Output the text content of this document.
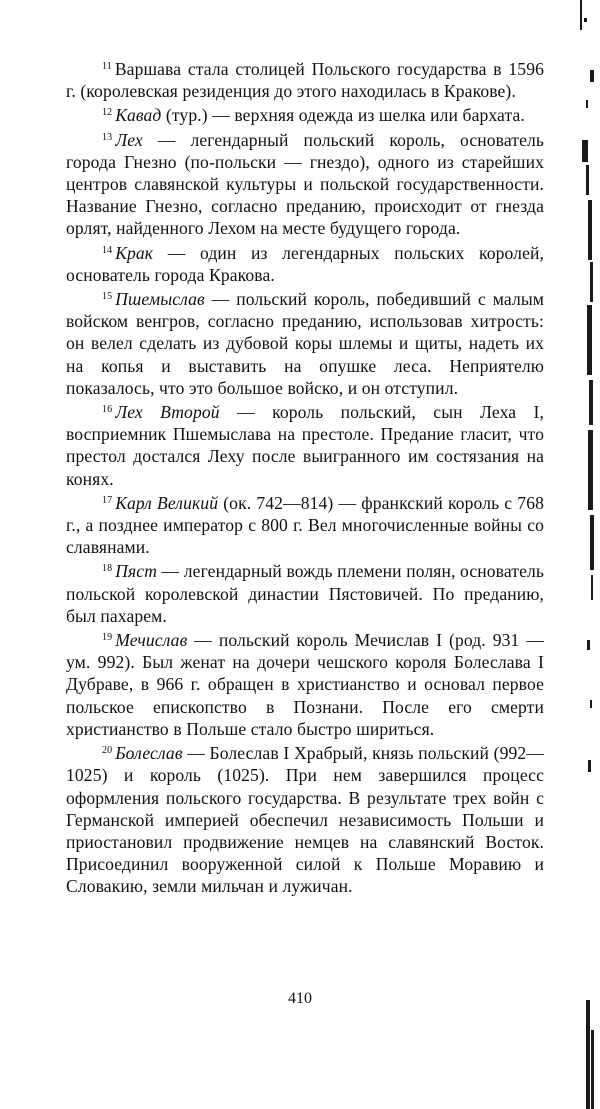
$^{11}$ Варшава стала столицей Польского государства в 1596 г. (королевская резиденция до этого находилась в Кракове).

$^{12}$ Кавад (тур.) — верхняя одежда из шелка или бархата.

$^{13}$ Лех — легендарный польский король, основатель города Гнезно (по-польски — гнездо), одного из старейших центров славянской культуры и польской государственности. Название Гнезно, согласно преданию, происходит от гнезда орлят, найденного Лехом на месте будущего города.

$^{14}$ Крак — один из легендарных польских королей, основатель города Кракова.

$^{15}$ Пшемыслав — польский король, победивший с малым войском венгров, согласно преданию, использовав хитрость: он велел сделать из дубовой коры шлемы и щиты, надеть их на копья и выставить на опушке леса. Неприятелю показалось, что это большое войско, и он отступил.

$^{16}$ Лех Второй — король польский, сын Леха I, восприемник Пшемыслава на престоле. Предание гласит, что престол достался Леху после выигранного им состязания на конях.

$^{17}$ Карл Великий (ок. 742—814) — франкский король с 768 г., а позднее император с 800 г. Вел многочисленные войны со славянами.

$^{18}$ Пяст — легендарный вождь племени полян, основатель польской королевской династии Пястовичей. По преданию, был пахарем.

$^{19}$ Мечислав — польский король Мечислав I (род. 931 — ум. 992). Был женат на дочери чешского короля Болеслава I Дубраве, в 966 г. обращен в христианство и основал первое польское епископство в Познани. После его смерти христианство в Польше стало быстро шириться.

$^{20}$ Болеслав — Болеслав I Храбрый, князь польский (992—1025) и король (1025). При нем завершился процесс оформления польского государства. В результате трех войн с Германской империей обеспечил независимость Польши и приостановил продвижение немцев на славянский Восток. Присоединил вооруженной силой к Польше Моравию и Словакию, земли мильчан и лужичан.

410
